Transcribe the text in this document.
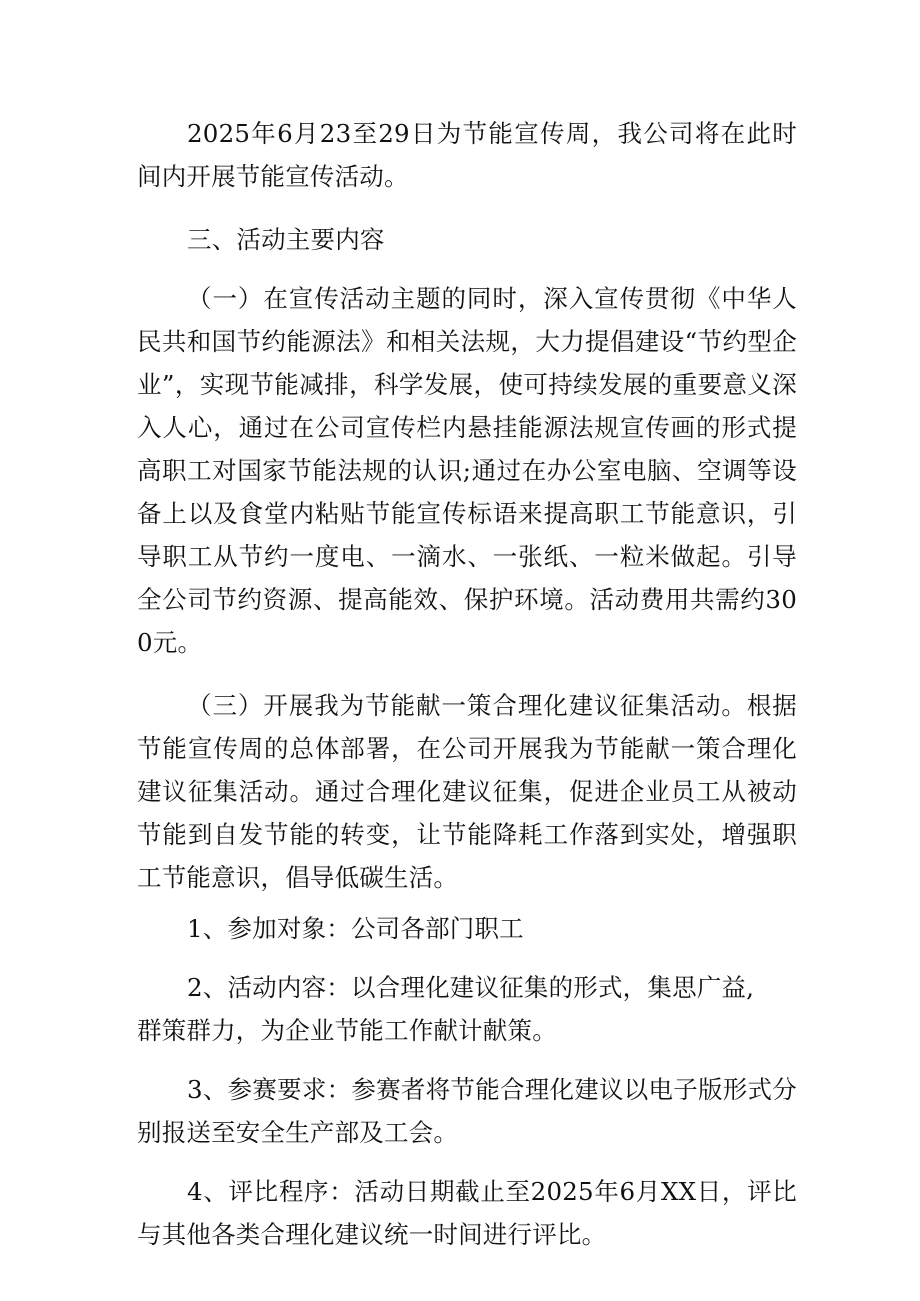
2025年6月23至29日为节能宣传周，我公司将在此时间内开展节能宣传活动。

三、活动主要内容

（一）在宣传活动主题的同时，深入宣传贯彻《中华人民共和国节约能源法》和相关法规，大力提倡建设“节约型企业”，实现节能减排，科学发展，使可持续发展的重要意义深入人心，通过在公司宣传栏内悬挂能源法规宣传画的形式提高职工对国家节能法规的认识;通过在办公室电脑、空调等设备上以及食堂内粘贴节能宣传标语来提高职工节能意识，引导职工从节约一度电、一滴水、一张纸、一粒米做起。引导全公司节约资源、提高能效、保护环境。活动费用共需约300元。

（三）开展我为节能献一策合理化建议征集活动。根据节能宣传周的总体部署，在公司开展我为节能献一策合理化建议征集活动。通过合理化建议征集，促进企业员工从被动节能到自发节能的转变，让节能降耗工作落到实处，增强职工节能意识，倡导低碳生活。

1、参加对象：公司各部门职工

2、活动内容：以合理化建议征集的形式，集思广益,

群策群力，为企业节能工作献计献策。

3、参赛要求：参赛者将节能合理化建议以电子版形式分别报送至安全生产部及工会。

4、评比程序：活动日期截止至2025年6月XX日，评比与其他各类合理化建议统一时间进行评比。
